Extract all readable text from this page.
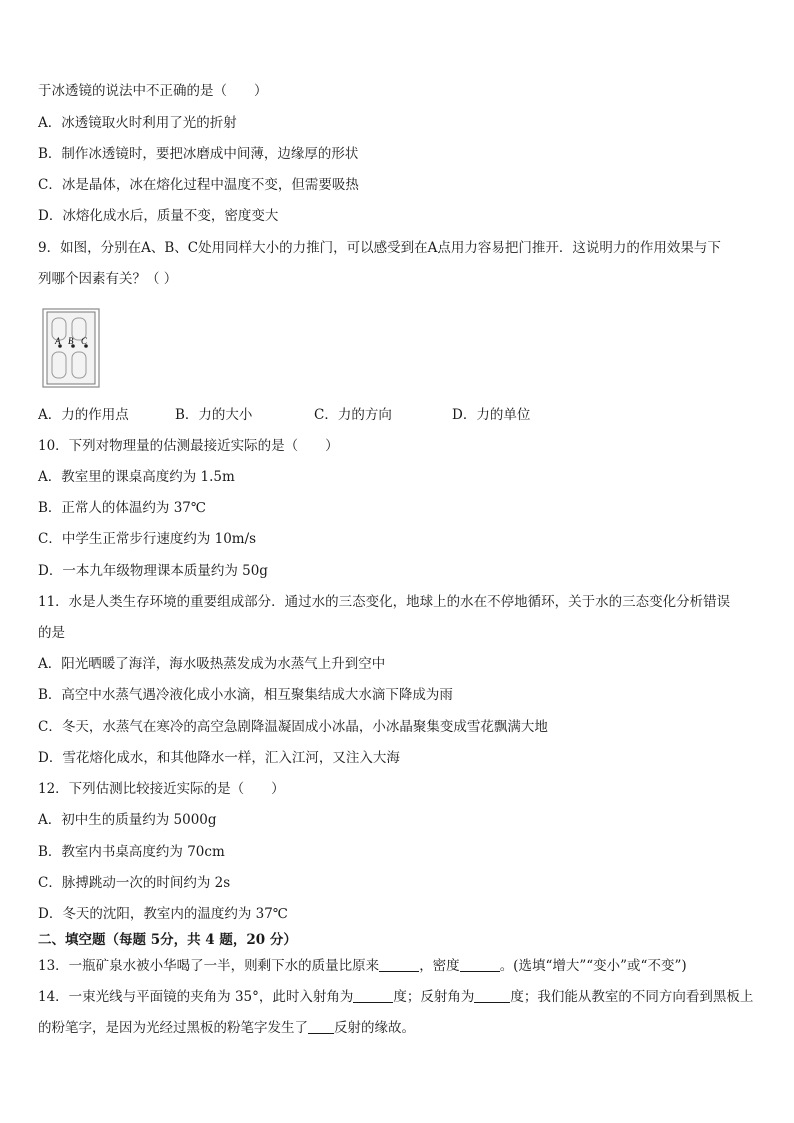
于冰透镜的说法中不正确的是（　　）
A．冰透镜取火时利用了光的折射
B．制作冰透镜时，要把冰磨成中间薄，边缘厚的形状
C．冰是晶体，冰在熔化过程中温度不变，但需要吸热
D．冰熔化成水后，质量不变，密度变大
9．如图，分别在A、B、C处用同样大小的力推门，可以感受到在A点用力容易把门推开．这说明力的作用效果与下
列哪个因素有关？（ ）
A B C
A．力的作用点	B．力的大小	C．力的方向	D．力的单位
10．下列对物理量的估测最接近实际的是（　　）
A．教室里的课桌高度约为 1.5m
B．正常人的体温约为 37℃
C．中学生正常步行速度约为 10m/s
D．一本九年级物理课本质量约为 50g
11．水是人类生存环境的重要组成部分．通过水的三态变化，地球上的水在不停地循环，关于水的三态变化分析错误
的是
A．阳光晒暖了海洋，海水吸热蒸发成为水蒸气上升到空中
B．高空中水蒸气遇冷液化成小水滴，相互聚集结成大水滴下降成为雨
C．冬天，水蒸气在寒冷的高空急剧降温凝固成小冰晶，小冰晶聚集变成雪花飘满大地
D．雪花熔化成水，和其他降水一样，汇入江河，又注入大海
12．下列估测比较接近实际的是（　　）
A．初中生的质量约为 5000g
B．教室内书桌高度约为 70cm
C．脉搏跳动一次的时间约为 2s
D．冬天的沈阳，教室内的温度约为 37℃
二、填空题（每题 5分，共 4 题，20 分）
13．一瓶矿泉水被小华喝了一半，则剩下水的质量比原来	，密度	。(选填“增大”“变小”或“不变”)
14．一束光线与平面镜的夹角为 35°，此时入射角为	度；反射角为	度；我们能从教室的不同方向看到黑板上
的粉笔字，是因为光经过黑板的粉笔字发生了 反射的缘故。
